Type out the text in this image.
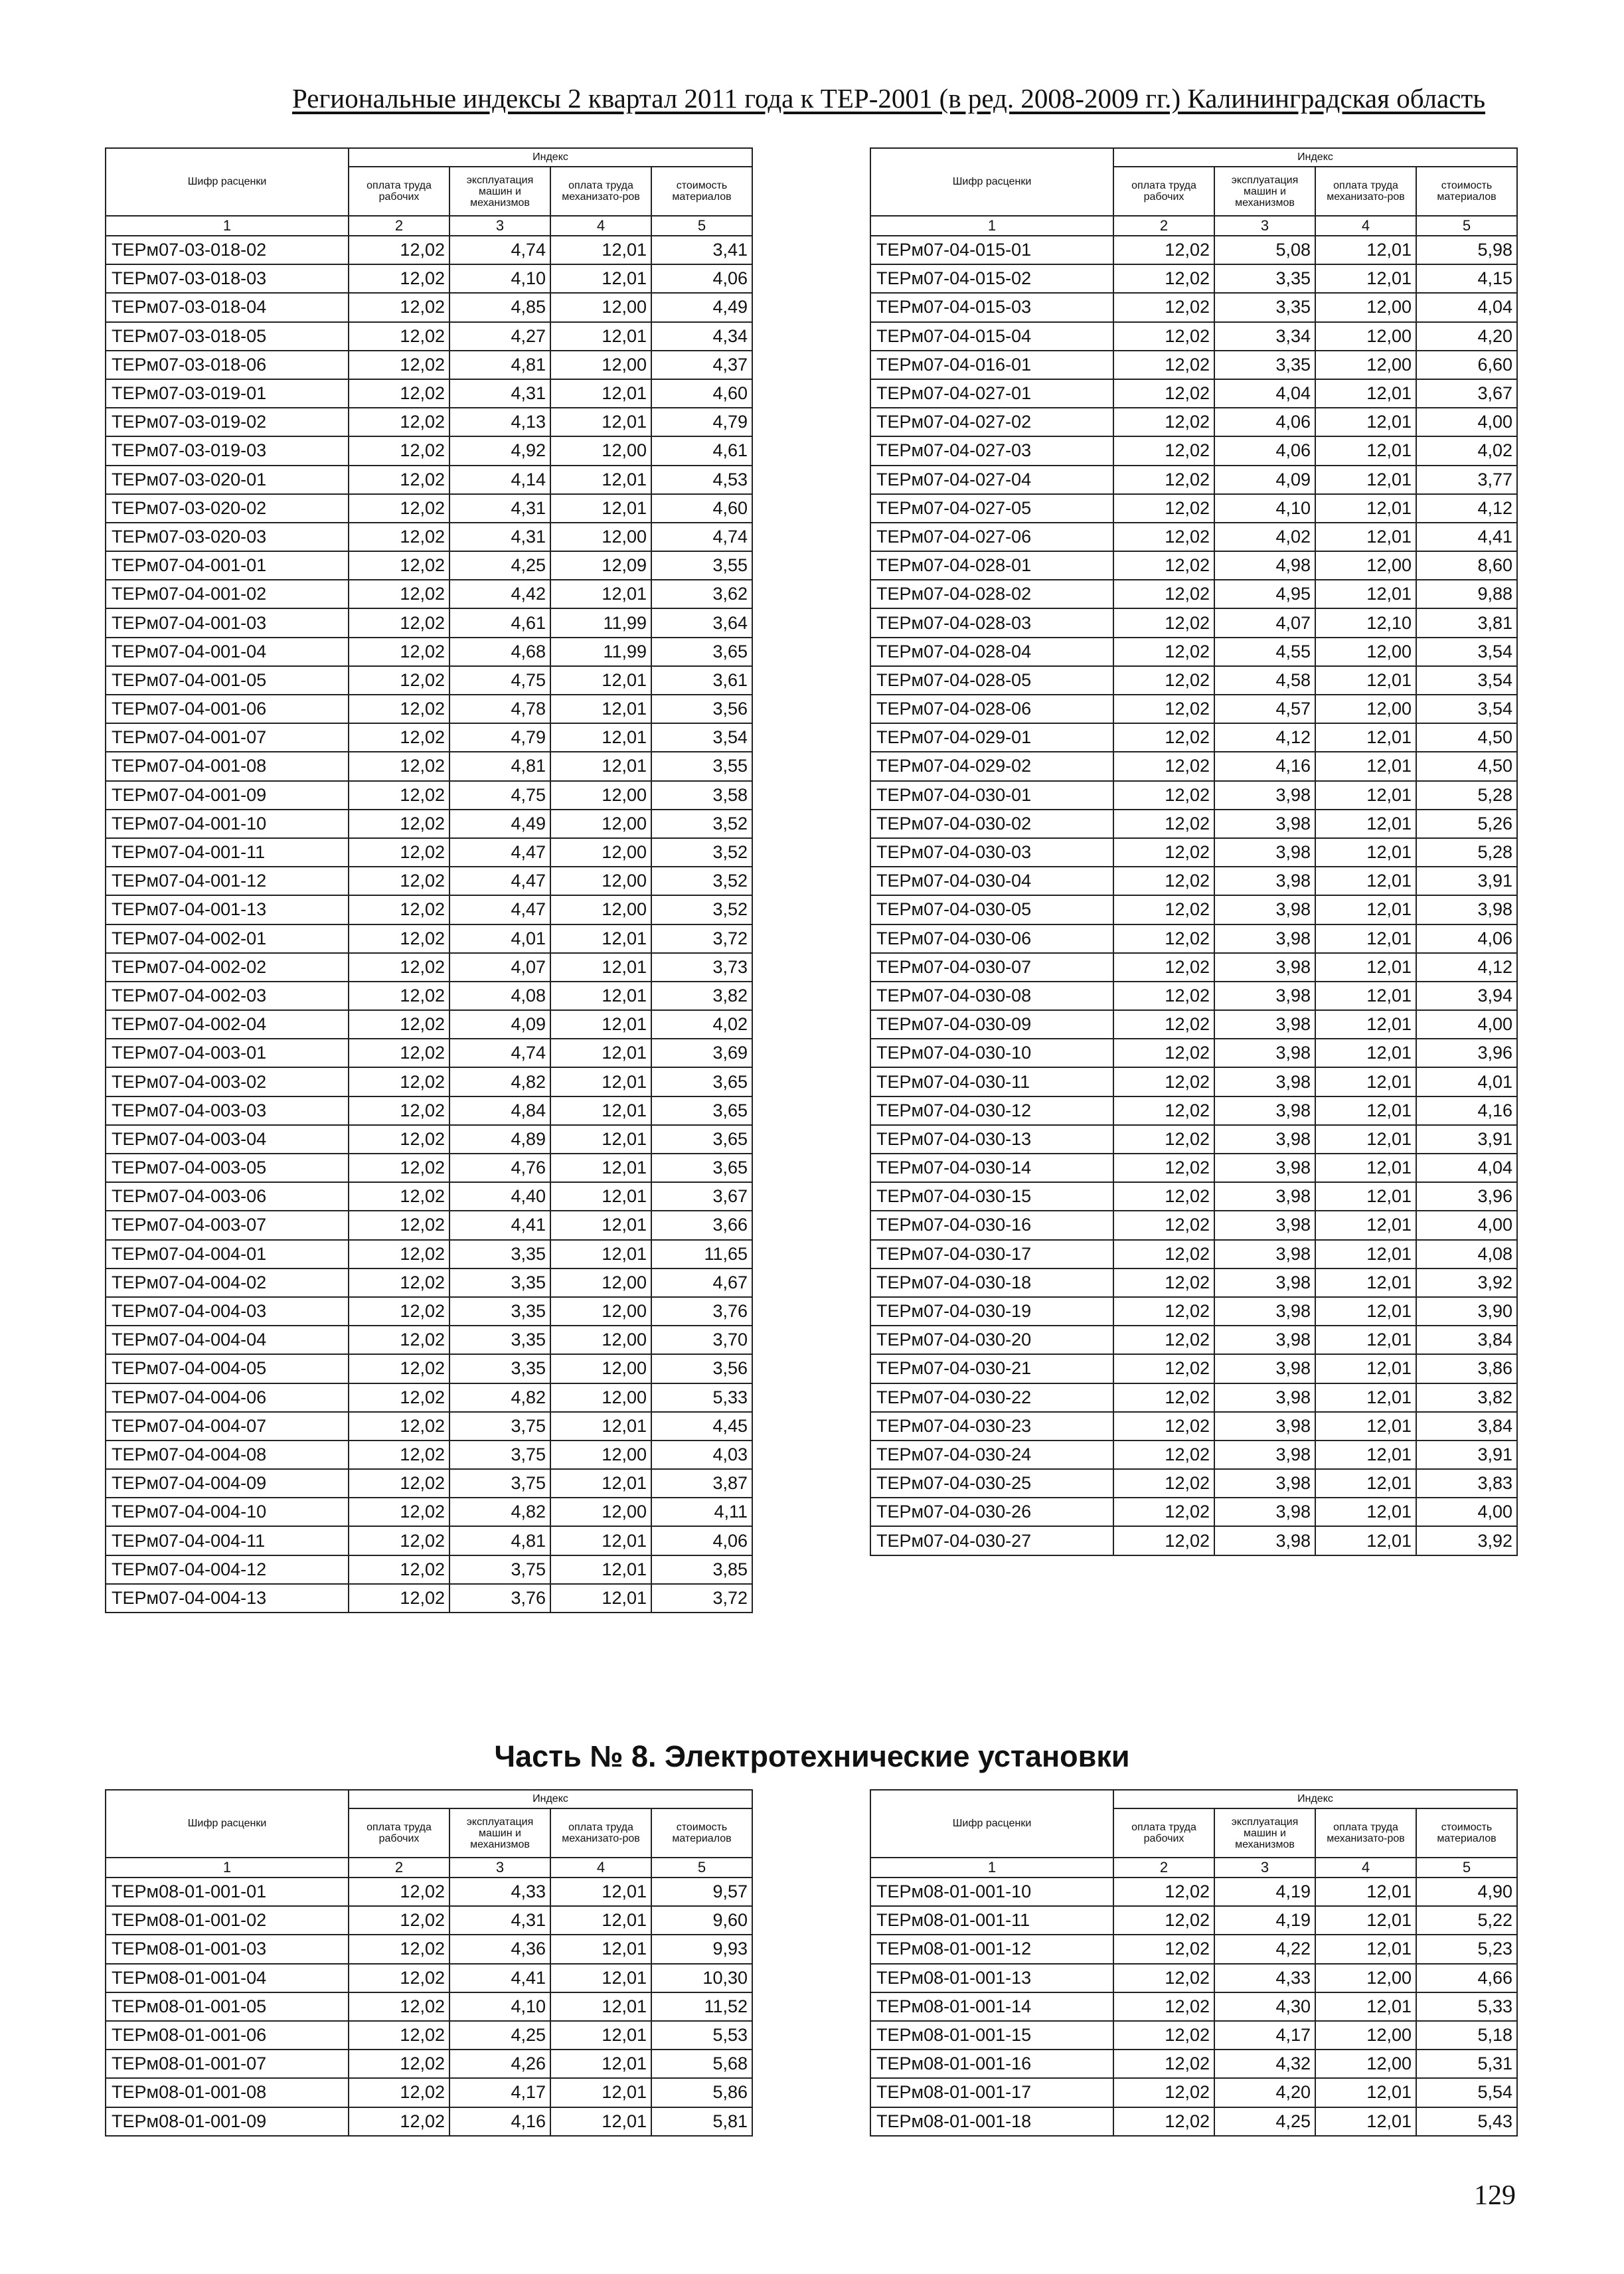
Региональные индексы 2 квартал 2011 года к ТЕР-2001 (в ред. 2008-2009 гг.) Калининградская область
Шифр расценки	Индекс			
	оплата труда рабочих	эксплуатация машин и механизмов	оплата труда механизато-ров	стоимость материалов
1	2	3	4	5
ТЕРм07-03-018-02	12,02	4,74	12,01	3,41
ТЕРм07-03-018-03	12,02	4,10	12,01	4,06
ТЕРм07-03-018-04	12,02	4,85	12,00	4,49
ТЕРм07-03-018-05	12,02	4,27	12,01	4,34
ТЕРм07-03-018-06	12,02	4,81	12,00	4,37
ТЕРм07-03-019-01	12,02	4,31	12,01	4,60
ТЕРм07-03-019-02	12,02	4,13	12,01	4,79
ТЕРм07-03-019-03	12,02	4,92	12,00	4,61
ТЕРм07-03-020-01	12,02	4,14	12,01	4,53
ТЕРм07-03-020-02	12,02	4,31	12,01	4,60
ТЕРм07-03-020-03	12,02	4,31	12,00	4,74
ТЕРм07-04-001-01	12,02	4,25	12,09	3,55
ТЕРм07-04-001-02	12,02	4,42	12,01	3,62
ТЕРм07-04-001-03	12,02	4,61	11,99	3,64
ТЕРм07-04-001-04	12,02	4,68	11,99	3,65
ТЕРм07-04-001-05	12,02	4,75	12,01	3,61
ТЕРм07-04-001-06	12,02	4,78	12,01	3,56
ТЕРм07-04-001-07	12,02	4,79	12,01	3,54
ТЕРм07-04-001-08	12,02	4,81	12,01	3,55
ТЕРм07-04-001-09	12,02	4,75	12,00	3,58
ТЕРм07-04-001-10	12,02	4,49	12,00	3,52
ТЕРм07-04-001-11	12,02	4,47	12,00	3,52
ТЕРм07-04-001-12	12,02	4,47	12,00	3,52
ТЕРм07-04-001-13	12,02	4,47	12,00	3,52
ТЕРм07-04-002-01	12,02	4,01	12,01	3,72
ТЕРм07-04-002-02	12,02	4,07	12,01	3,73
ТЕРм07-04-002-03	12,02	4,08	12,01	3,82
ТЕРм07-04-002-04	12,02	4,09	12,01	4,02
ТЕРм07-04-003-01	12,02	4,74	12,01	3,69
ТЕРм07-04-003-02	12,02	4,82	12,01	3,65
ТЕРм07-04-003-03	12,02	4,84	12,01	3,65
ТЕРм07-04-003-04	12,02	4,89	12,01	3,65
ТЕРм07-04-003-05	12,02	4,76	12,01	3,65
ТЕРм07-04-003-06	12,02	4,40	12,01	3,67
ТЕРм07-04-003-07	12,02	4,41	12,01	3,66
ТЕРм07-04-004-01	12,02	3,35	12,01	11,65
ТЕРм07-04-004-02	12,02	3,35	12,00	4,67
ТЕРм07-04-004-03	12,02	3,35	12,00	3,76
ТЕРм07-04-004-04	12,02	3,35	12,00	3,70
ТЕРм07-04-004-05	12,02	3,35	12,00	3,56
ТЕРм07-04-004-06	12,02	4,82	12,00	5,33
ТЕРм07-04-004-07	12,02	3,75	12,01	4,45
ТЕРм07-04-004-08	12,02	3,75	12,00	4,03
ТЕРм07-04-004-09	12,02	3,75	12,01	3,87
ТЕРм07-04-004-10	12,02	4,82	12,00	4,11
ТЕРм07-04-004-11	12,02	4,81	12,01	4,06
ТЕРм07-04-004-12	12,02	3,75	12,01	3,85
ТЕРм07-04-004-13	12,02	3,76	12,01	3,72
Шифр расценки	Индекс			
	оплата труда рабочих	эксплуатация машин и механизмов	оплата труда механизато-ров	стоимость материалов
1	2	3	4	5
ТЕРм07-04-015-01	12,02	5,08	12,01	5,98
ТЕРм07-04-015-02	12,02	3,35	12,01	4,15
ТЕРм07-04-015-03	12,02	3,35	12,00	4,04
ТЕРм07-04-015-04	12,02	3,34	12,00	4,20
ТЕРм07-04-016-01	12,02	3,35	12,00	6,60
ТЕРм07-04-027-01	12,02	4,04	12,01	3,67
ТЕРм07-04-027-02	12,02	4,06	12,01	4,00
ТЕРм07-04-027-03	12,02	4,06	12,01	4,02
ТЕРм07-04-027-04	12,02	4,09	12,01	3,77
ТЕРм07-04-027-05	12,02	4,10	12,01	4,12
ТЕРм07-04-027-06	12,02	4,02	12,01	4,41
ТЕРм07-04-028-01	12,02	4,98	12,00	8,60
ТЕРм07-04-028-02	12,02	4,95	12,01	9,88
ТЕРм07-04-028-03	12,02	4,07	12,10	3,81
ТЕРм07-04-028-04	12,02	4,55	12,00	3,54
ТЕРм07-04-028-05	12,02	4,58	12,01	3,54
ТЕРм07-04-028-06	12,02	4,57	12,00	3,54
ТЕРм07-04-029-01	12,02	4,12	12,01	4,50
ТЕРм07-04-029-02	12,02	4,16	12,01	4,50
ТЕРм07-04-030-01	12,02	3,98	12,01	5,28
ТЕРм07-04-030-02	12,02	3,98	12,01	5,26
ТЕРм07-04-030-03	12,02	3,98	12,01	5,28
ТЕРм07-04-030-04	12,02	3,98	12,01	3,91
ТЕРм07-04-030-05	12,02	3,98	12,01	3,98
ТЕРм07-04-030-06	12,02	3,98	12,01	4,06
ТЕРм07-04-030-07	12,02	3,98	12,01	4,12
ТЕРм07-04-030-08	12,02	3,98	12,01	3,94
ТЕРм07-04-030-09	12,02	3,98	12,01	4,00
ТЕРм07-04-030-10	12,02	3,98	12,01	3,96
ТЕРм07-04-030-11	12,02	3,98	12,01	4,01
ТЕРм07-04-030-12	12,02	3,98	12,01	4,16
ТЕРм07-04-030-13	12,02	3,98	12,01	3,91
ТЕРм07-04-030-14	12,02	3,98	12,01	4,04
ТЕРм07-04-030-15	12,02	3,98	12,01	3,96
ТЕРм07-04-030-16	12,02	3,98	12,01	4,00
ТЕРм07-04-030-17	12,02	3,98	12,01	4,08
ТЕРм07-04-030-18	12,02	3,98	12,01	3,92
ТЕРм07-04-030-19	12,02	3,98	12,01	3,90
ТЕРм07-04-030-20	12,02	3,98	12,01	3,84
ТЕРм07-04-030-21	12,02	3,98	12,01	3,86
ТЕРм07-04-030-22	12,02	3,98	12,01	3,82
ТЕРм07-04-030-23	12,02	3,98	12,01	3,84
ТЕРм07-04-030-24	12,02	3,98	12,01	3,91
ТЕРм07-04-030-25	12,02	3,98	12,01	3,83
ТЕРм07-04-030-26	12,02	3,98	12,01	4,00
ТЕРм07-04-030-27	12,02	3,98	12,01	3,92
Часть № 8. Электротехнические установки
Шифр расценки	Индекс			
	оплата труда рабочих	эксплуатация машин и механизмов	оплата труда механизато-ров	стоимость материалов
1	2	3	4	5
ТЕРм08-01-001-01	12,02	4,33	12,01	9,57
ТЕРм08-01-001-02	12,02	4,31	12,01	9,60
ТЕРм08-01-001-03	12,02	4,36	12,01	9,93
ТЕРм08-01-001-04	12,02	4,41	12,01	10,30
ТЕРм08-01-001-05	12,02	4,10	12,01	11,52
ТЕРм08-01-001-06	12,02	4,25	12,01	5,53
ТЕРм08-01-001-07	12,02	4,26	12,01	5,68
ТЕРм08-01-001-08	12,02	4,17	12,01	5,86
ТЕРм08-01-001-09	12,02	4,16	12,01	5,81
Шифр расценки	Индекс			
	оплата труда рабочих	эксплуатация машин и механизмов	оплата труда механизато-ров	стоимость материалов
1	2	3	4	5
ТЕРм08-01-001-10	12,02	4,19	12,01	4,90
ТЕРм08-01-001-11	12,02	4,19	12,01	5,22
ТЕРм08-01-001-12	12,02	4,22	12,01	5,23
ТЕРм08-01-001-13	12,02	4,33	12,00	4,66
ТЕРм08-01-001-14	12,02	4,30	12,01	5,33
ТЕРм08-01-001-15	12,02	4,17	12,00	5,18
ТЕРм08-01-001-16	12,02	4,32	12,00	5,31
ТЕРм08-01-001-17	12,02	4,20	12,01	5,54
ТЕРм08-01-001-18	12,02	4,25	12,01	5,43
129
